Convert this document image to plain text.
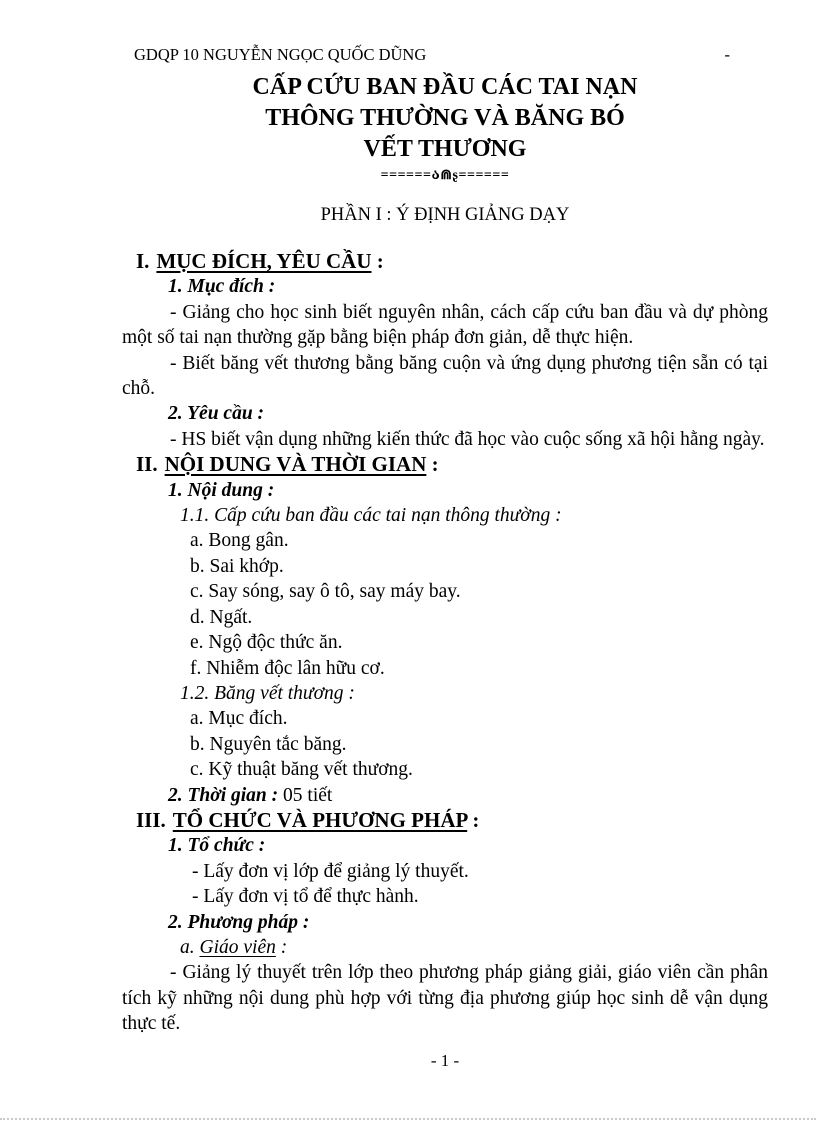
GDQP 10 NGUYỄN NGỌC QUỐC DŨNG	-
CẤP CỨU BAN ĐẦU CÁC TAI NẠN
THÔNG THƯỜNG VÀ BĂNG BÓ
VẾT THƯƠNG
======ა⋒ʂ======
PHẦN I : Ý ĐỊNH GIẢNG DẠY
I. MỤC ĐÍCH, YÊU CẦU :
1. Mục đích :
- Giảng cho học sinh biết nguyên nhân, cách cấp cứu ban đầu và dự phòng một số tai nạn thường gặp bằng biện pháp đơn giản, dễ thực hiện.
- Biết băng vết thương bằng băng cuộn và ứng dụng phương tiện sẵn có tại chỗ.
2. Yêu cầu :
- HS biết vận dụng những kiến thức đã học vào cuộc sống xã hội hằng ngày.
II. NỘI DUNG VÀ THỜI GIAN :
1. Nội dung :
1.1. Cấp cứu ban đầu các tai nạn thông thường :
a. Bong gân.
b. Sai khớp.
c. Say sóng, say ô tô, say máy bay.
d. Ngất.
e. Ngộ độc thức ăn.
f. Nhiễm độc lân hữu cơ.
1.2. Băng vết thương :
a. Mục đích.
b. Nguyên tắc băng.
c. Kỹ thuật băng vết thương.
2. Thời gian : 05 tiết
III. TỔ CHỨC VÀ PHƯƠNG PHÁP :
1. Tổ chức :
- Lấy đơn vị lớp để giảng lý thuyết.
- Lấy đơn vị tổ để thực hành.
2. Phương pháp :
a. Giáo viên :
- Giảng lý thuyết trên lớp theo phương pháp giảng giải, giáo viên cần phân tích kỹ những nội dung phù hợp với từng địa phương giúp học sinh dễ vận dụng thực tế.
- 1 -
